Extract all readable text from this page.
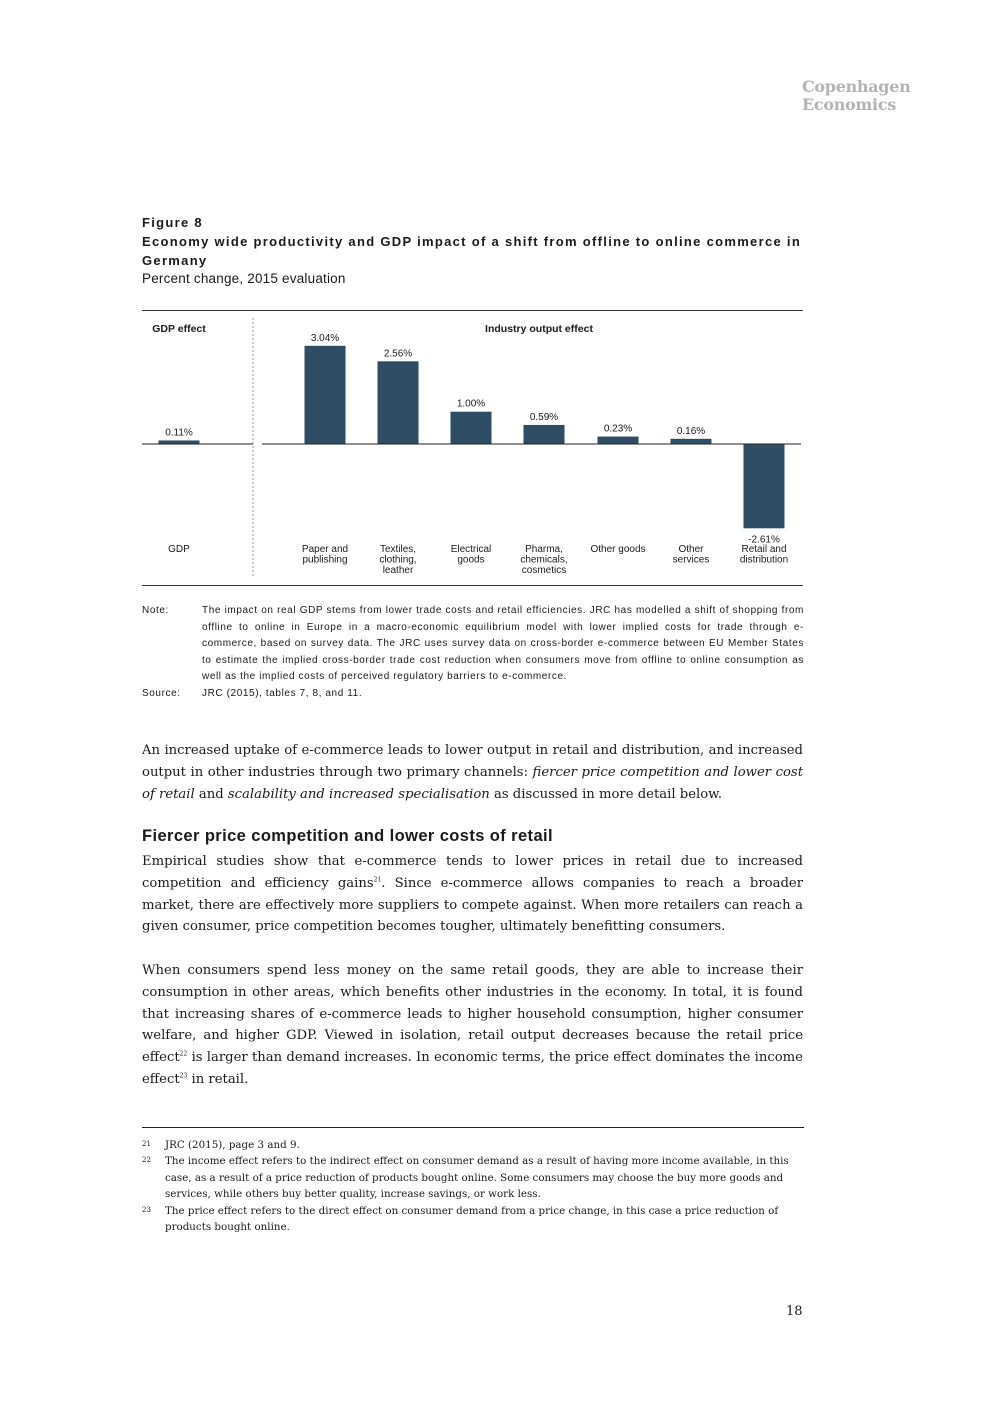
Copenhagen
Economics
Figure 8
Economy wide productivity and GDP impact of a shift from offline to online commerce in Germany
Percent change, 2015 evaluation
GDP effect	Industry output effect
0.11%
3.04%
2.56%
1.00%
0.59%
0.23%	0.16%
-2.61%
GDP	Paper and
publishing
Textiles,
clothing,
leather
Electrical
goods
Pharma,
chemicals,
cosmetics
Other goods	Other
services
Retail and
distribution
Note:	The impact on real GDP stems from lower trade costs and retail efficiencies. JRC has modelled a shift of shopping from offline to online in Europe in a macro-economic equilibrium model with lower implied costs for trade through e-commerce, based on survey data. The JRC uses survey data on cross-border e-commerce between EU Member States to estimate the implied cross-border trade cost reduction when consumers move from offline to online consumption as well as the implied costs of perceived regulatory barriers to e-commerce.
Source:	JRC (2015), tables 7, 8, and 11.
An increased uptake of e-commerce leads to lower output in retail and distribution, and increased output in other industries through two primary channels: fiercer price competition and lower cost of retail and scalability and increased specialisation as discussed in more detail below.
Fiercer price competition and lower costs of retail
Empirical studies show that e-commerce tends to lower prices in retail due to increased competition and efficiency gains$^{21}$. Since e-commerce allows companies to reach a broader market, there are effectively more suppliers to compete against. When more retailers can reach a given consumer, price competition becomes tougher, ultimately benefitting consumers.
When consumers spend less money on the same retail goods, they are able to increase their consumption in other areas, which benefits other industries in the economy. In total, it is found that increasing shares of e-commerce leads to higher household consumption, higher consumer welfare, and higher GDP. Viewed in isolation, retail output decreases because the retail price effect$^{22}$ is larger than demand increases. In economic terms, the price effect dominates the income effect$^{23}$ in retail.
21	JRC (2015), page 3 and 9.
22	The income effect refers to the indirect effect on consumer demand as a result of having more income available, in this case, as a result of a price reduction of products bought online. Some consumers may choose the buy more goods and services, while others buy better quality, increase savings, or work less.
23	The price effect refers to the direct effect on consumer demand from a price change, in this case a price reduction of products bought online.
18
